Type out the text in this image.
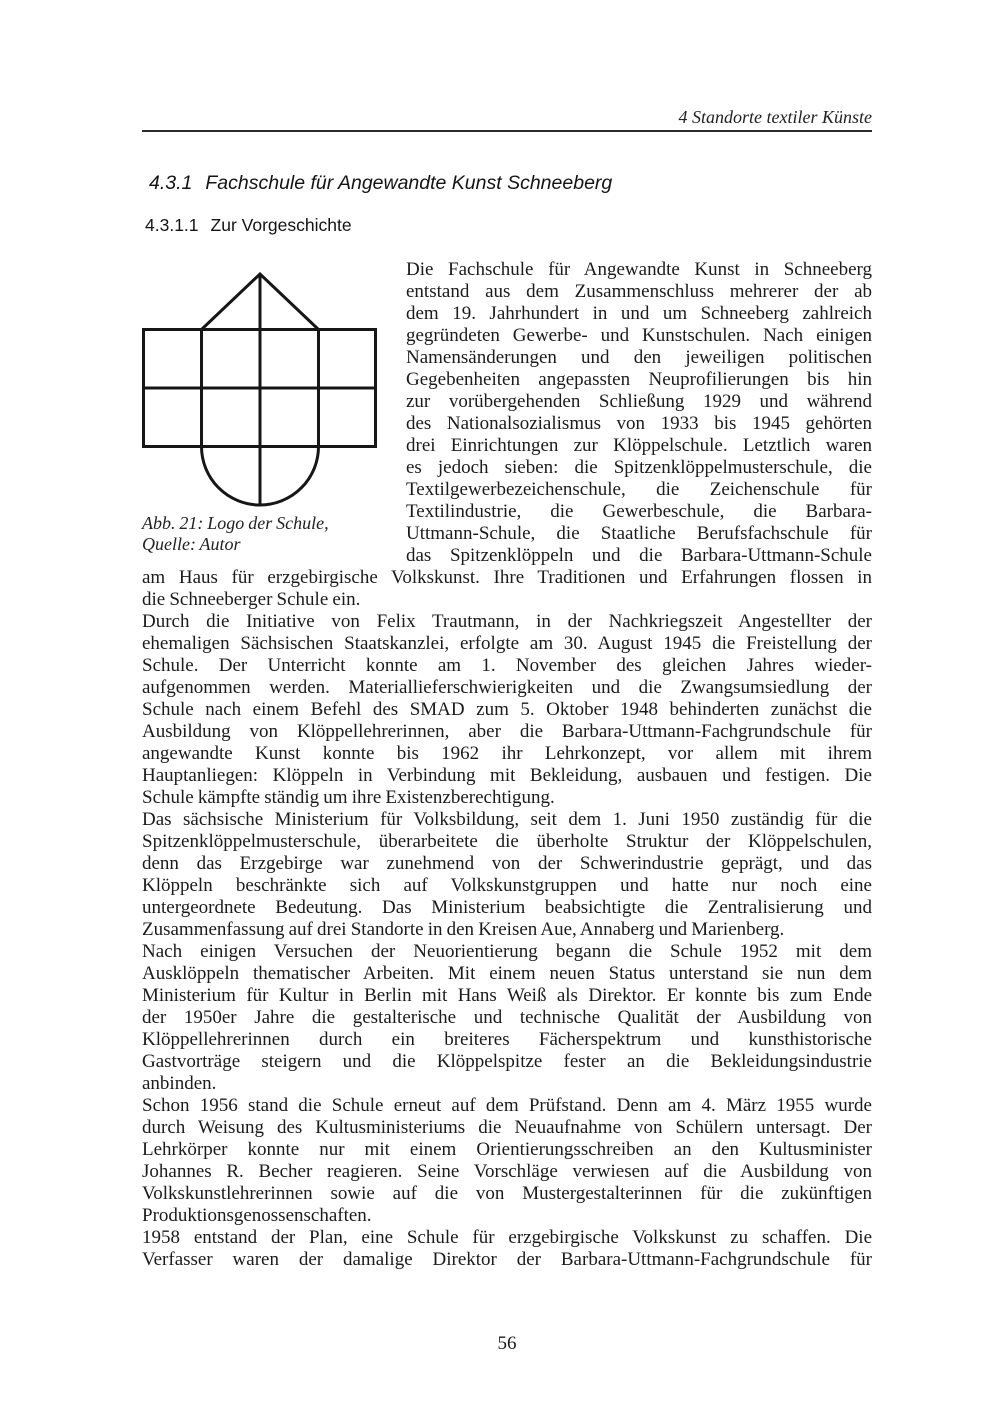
4 Standorte textiler Künste
4.3.1 Fachschule für Angewandte Kunst Schneeberg
4.3.1.1 Zur Vorgeschichte
Abb. 21: Logo der Schule,
Quelle: Autor
Die Fachschule für Angewandte Kunst in Schneeberg
entstand aus dem Zusammenschluss mehrerer der ab
dem 19. Jahrhundert in und um Schneeberg zahlreich
gegründeten Gewerbe- und Kunstschulen. Nach einigen
Namensänderungen und den jeweiligen politischen
Gegebenheiten angepassten Neuprofilierungen bis hin
zur vorübergehenden Schließung 1929 und während
des Nationalsozialismus von 1933 bis 1945 gehörten
drei Einrichtungen zur Klöppelschule. Letztlich waren
es jedoch sieben: die Spitzenklöppelmusterschule, die
Textilgewerbezeichenschule, die Zeichenschule für
Textilindustrie, die Gewerbeschule, die Barbara-
Uttmann-Schule, die Staatliche Berufsfachschule für
das Spitzenklöppeln und die Barbara-Uttmann-Schule
am Haus für erzgebirgische Volkskunst. Ihre Traditionen und Erfahrungen flossen in
die Schneeberger Schule ein.
Durch die Initiative von Felix Trautmann, in der Nachkriegszeit Angestellter der
ehemaligen Sächsischen Staatskanzlei, erfolgte am 30. August 1945 die Freistellung der
Schule. Der Unterricht konnte am 1. November des gleichen Jahres wieder-
aufgenommen werden. Materiallieferschwierigkeiten und die Zwangsumsiedlung der
Schule nach einem Befehl des SMAD zum 5. Oktober 1948 behinderten zunächst die
Ausbildung von Klöppellehrerinnen, aber die Barbara-Uttmann-Fachgrundschule für
angewandte Kunst konnte bis 1962 ihr Lehrkonzept, vor allem mit ihrem
Hauptanliegen: Klöppeln in Verbindung mit Bekleidung, ausbauen und festigen. Die
Schule kämpfte ständig um ihre Existenzberechtigung.
Das sächsische Ministerium für Volksbildung, seit dem 1. Juni 1950 zuständig für die
Spitzenklöppelmusterschule, überarbeitete die überholte Struktur der Klöppelschulen,
denn das Erzgebirge war zunehmend von der Schwerindustrie geprägt, und das
Klöppeln beschränkte sich auf Volkskunstgruppen und hatte nur noch eine
untergeordnete Bedeutung. Das Ministerium beabsichtigte die Zentralisierung und
Zusammenfassung auf drei Standorte in den Kreisen Aue, Annaberg und Marienberg.
Nach einigen Versuchen der Neuorientierung begann die Schule 1952 mit dem
Ausklöppeln thematischer Arbeiten. Mit einem neuen Status unterstand sie nun dem
Ministerium für Kultur in Berlin mit Hans Weiß als Direktor. Er konnte bis zum Ende
der 1950er Jahre die gestalterische und technische Qualität der Ausbildung von
Klöppellehrerinnen durch ein breiteres Fächerspektrum und kunsthistorische
Gastvorträge steigern und die Klöppelspitze fester an die Bekleidungsindustrie
anbinden.
Schon 1956 stand die Schule erneut auf dem Prüfstand. Denn am 4. März 1955 wurde
durch Weisung des Kultusministeriums die Neuaufnahme von Schülern untersagt. Der
Lehrkörper konnte nur mit einem Orientierungsschreiben an den Kultusminister
Johannes R. Becher reagieren. Seine Vorschläge verwiesen auf die Ausbildung von
Volkskunstlehrerinnen sowie auf die von Mustergestalterinnen für die zukünftigen
Produktionsgenossenschaften.
1958 entstand der Plan, eine Schule für erzgebirgische Volkskunst zu schaffen. Die
Verfasser waren der damalige Direktor der Barbara-Uttmann-Fachgrundschule für
56
